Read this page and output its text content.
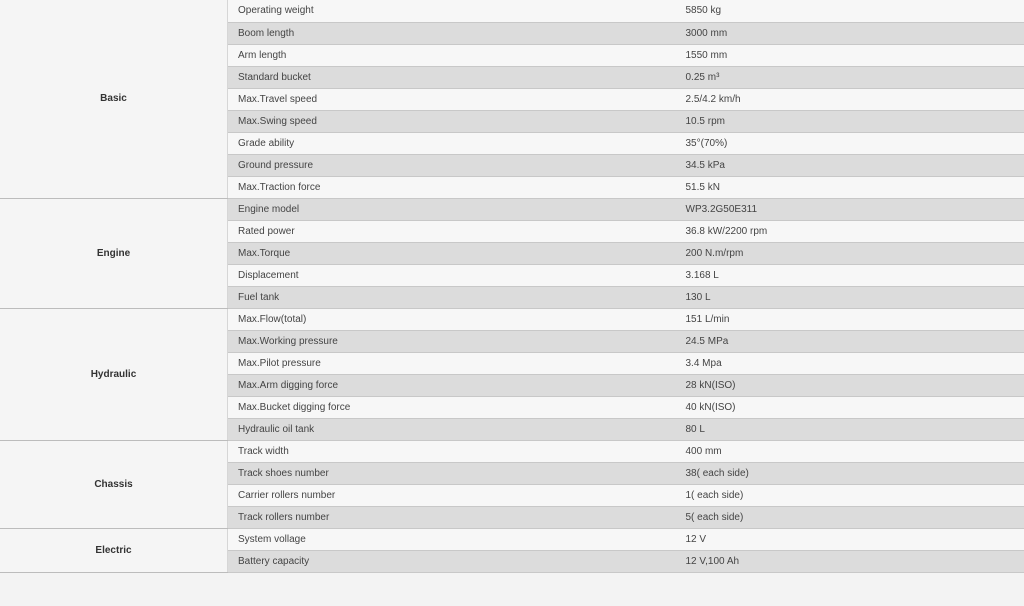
Basic	Operating weight	5850 kg
	Boom length	3000 mm
	Arm length	1550 mm
	Standard bucket	0.25 m³
	Max.Travel speed	2.5/4.2 km/h
	Max.Swing speed	10.5 rpm
	Grade ability	35°(70%)
	Ground pressure	34.5 kPa
	Max.Traction force	51.5 kN
Engine	Engine model	WP3.2G50E311
	Rated power	36.8 kW/2200 rpm
	Max.Torque	200 N.m/rpm
	Displacement	3.168 L
	Fuel tank	130 L
Hydraulic	Max.Flow(total)	151 L/min
	Max.Working pressure	24.5 MPa
	Max.Pilot pressure	3.4 Mpa
	Max.Arm digging force	28 kN(ISO)
	Max.Bucket digging force	40 kN(ISO)
	Hydraulic oil tank	80 L
Chassis	Track width	400 mm
	Track shoes number	38( each side)
	Carrier rollers number	1( each side)
	Track rollers number	5( each side)
Electric	System vollage	12 V
	Battery capacity	12 V,100 Ah
